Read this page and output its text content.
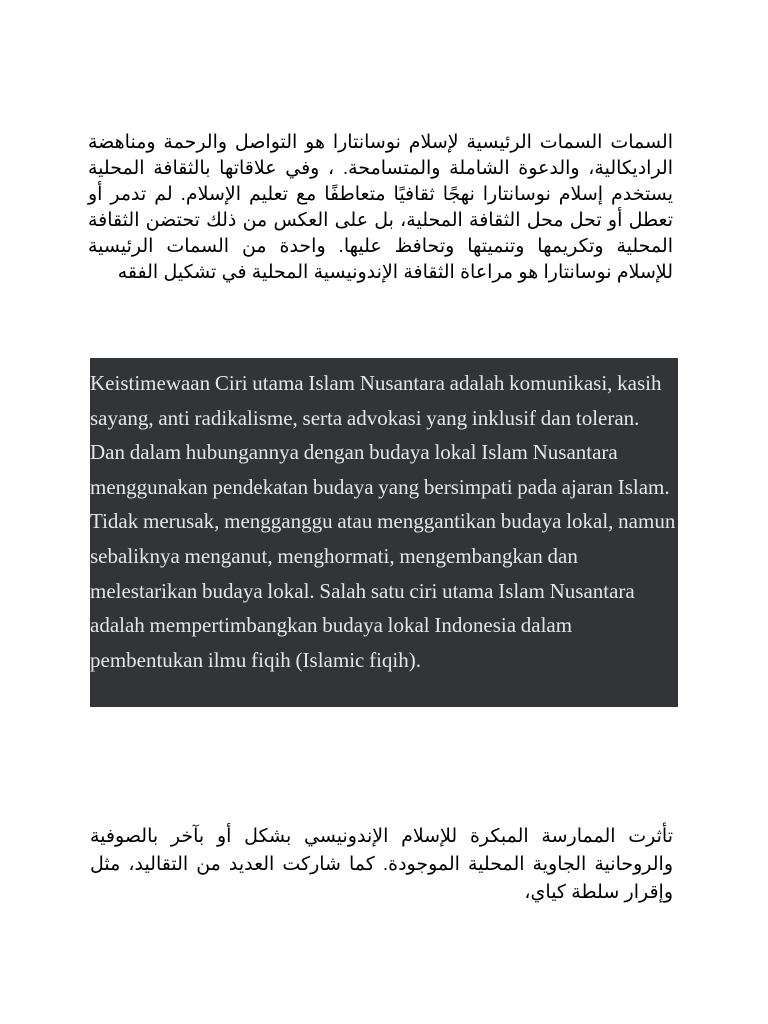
السمات السمات الرئيسية لإسلام نوسانتارا هو التواصل والرحمة ومناهضة الراديكالية، والدعوة الشاملة والمتسامحة. ، وفي علاقاتها بالثقافة المحلية يستخدم إسلام نوسانتارا نهجًا ثقافيًا متعاطفًا مع تعليم الإسلام. لم تدمر أو تعطل أو تحل محل الثقافة المحلية، بل على العكس من ذلك تحتضن الثقافة المحلية وتكريمها وتنميتها وتحافظ عليها. واحدة من السمات الرئيسية للإسلام نوسانتارا هو مراعاة الثقافة الإندونيسية المحلية في تشكيل الفقه

Keistimewaan Ciri utama Islam Nusantara adalah komunikasi, kasih sayang, anti radikalisme, serta advokasi yang inklusif dan toleran. Dan dalam hubungannya dengan budaya lokal Islam Nusantara menggunakan pendekatan budaya yang bersimpati pada ajaran Islam. Tidak merusak, mengganggu atau menggantikan budaya lokal, namun sebaliknya menganut, menghormati, mengembangkan dan melestarikan budaya lokal. Salah satu ciri utama Islam Nusantara adalah mempertimbangkan budaya lokal Indonesia dalam pembentukan ilmu fiqih (Islamic fiqih).

تأثرت الممارسة المبكرة للإسلام الإندونيسي بشكل أو بآخر بالصوفية والروحانية الجاوية المحلية الموجودة. كما شاركت العديد من التقاليد، مثل وإقرار سلطة كياي،
